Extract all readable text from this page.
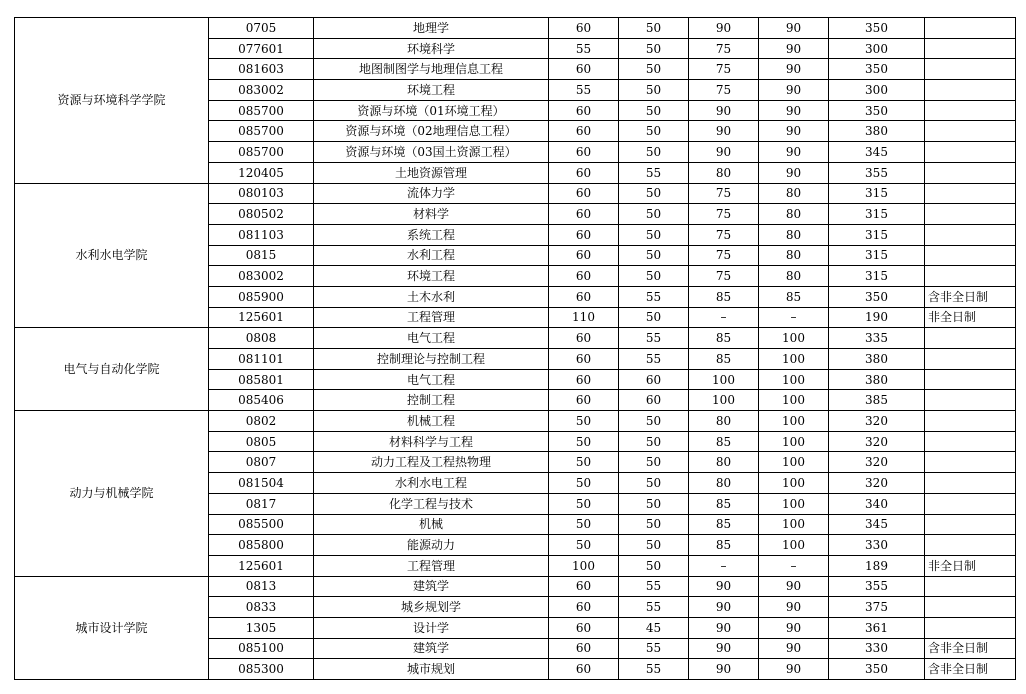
资源与环境科学学院	0705	地理学	60	50	90	90	350	
	077601	环境科学	55	50	75	90	300	
	081603	地图制图学与地理信息工程	60	50	75	90	350	
	083002	环境工程	55	50	75	90	300	
	085700	资源与环境（01环境工程）	60	50	90	90	350	
	085700	资源与环境（02地理信息工程）	60	50	90	90	380	
	085700	资源与环境（03国土资源工程）	60	50	90	90	345	
	120405	土地资源管理	60	55	80	90	355	
水利水电学院	080103	流体力学	60	50	75	80	315	
	080502	材料学	60	50	75	80	315	
	081103	系统工程	60	50	75	80	315	
	0815	水利工程	60	50	75	80	315	
	083002	环境工程	60	50	75	80	315	
	085900	土木水利	60	55	85	85	350	含非全日制
	125601	工程管理	110	50	–	–	190	非全日制
电气与自动化学院	0808	电气工程	60	55	85	100	335	
	081101	控制理论与控制工程	60	55	85	100	380	
	085801	电气工程	60	60	100	100	380	
	085406	控制工程	60	60	100	100	385	
动力与机械学院	0802	机械工程	50	50	80	100	320	
	0805	材料科学与工程	50	50	85	100	320	
	0807	动力工程及工程热物理	50	50	80	100	320	
	081504	水利水电工程	50	50	80	100	320	
	0817	化学工程与技术	50	50	85	100	340	
	085500	机械	50	50	85	100	345	
	085800	能源动力	50	50	85	100	330	
	125601	工程管理	100	50	–	–	189	非全日制
城市设计学院	0813	建筑学	60	55	90	90	355	
	0833	城乡规划学	60	55	90	90	375	
	1305	设计学	60	45	90	90	361	
	085100	建筑学	60	55	90	90	330	含非全日制
	085300	城市规划	60	55	90	90	350	含非全日制
